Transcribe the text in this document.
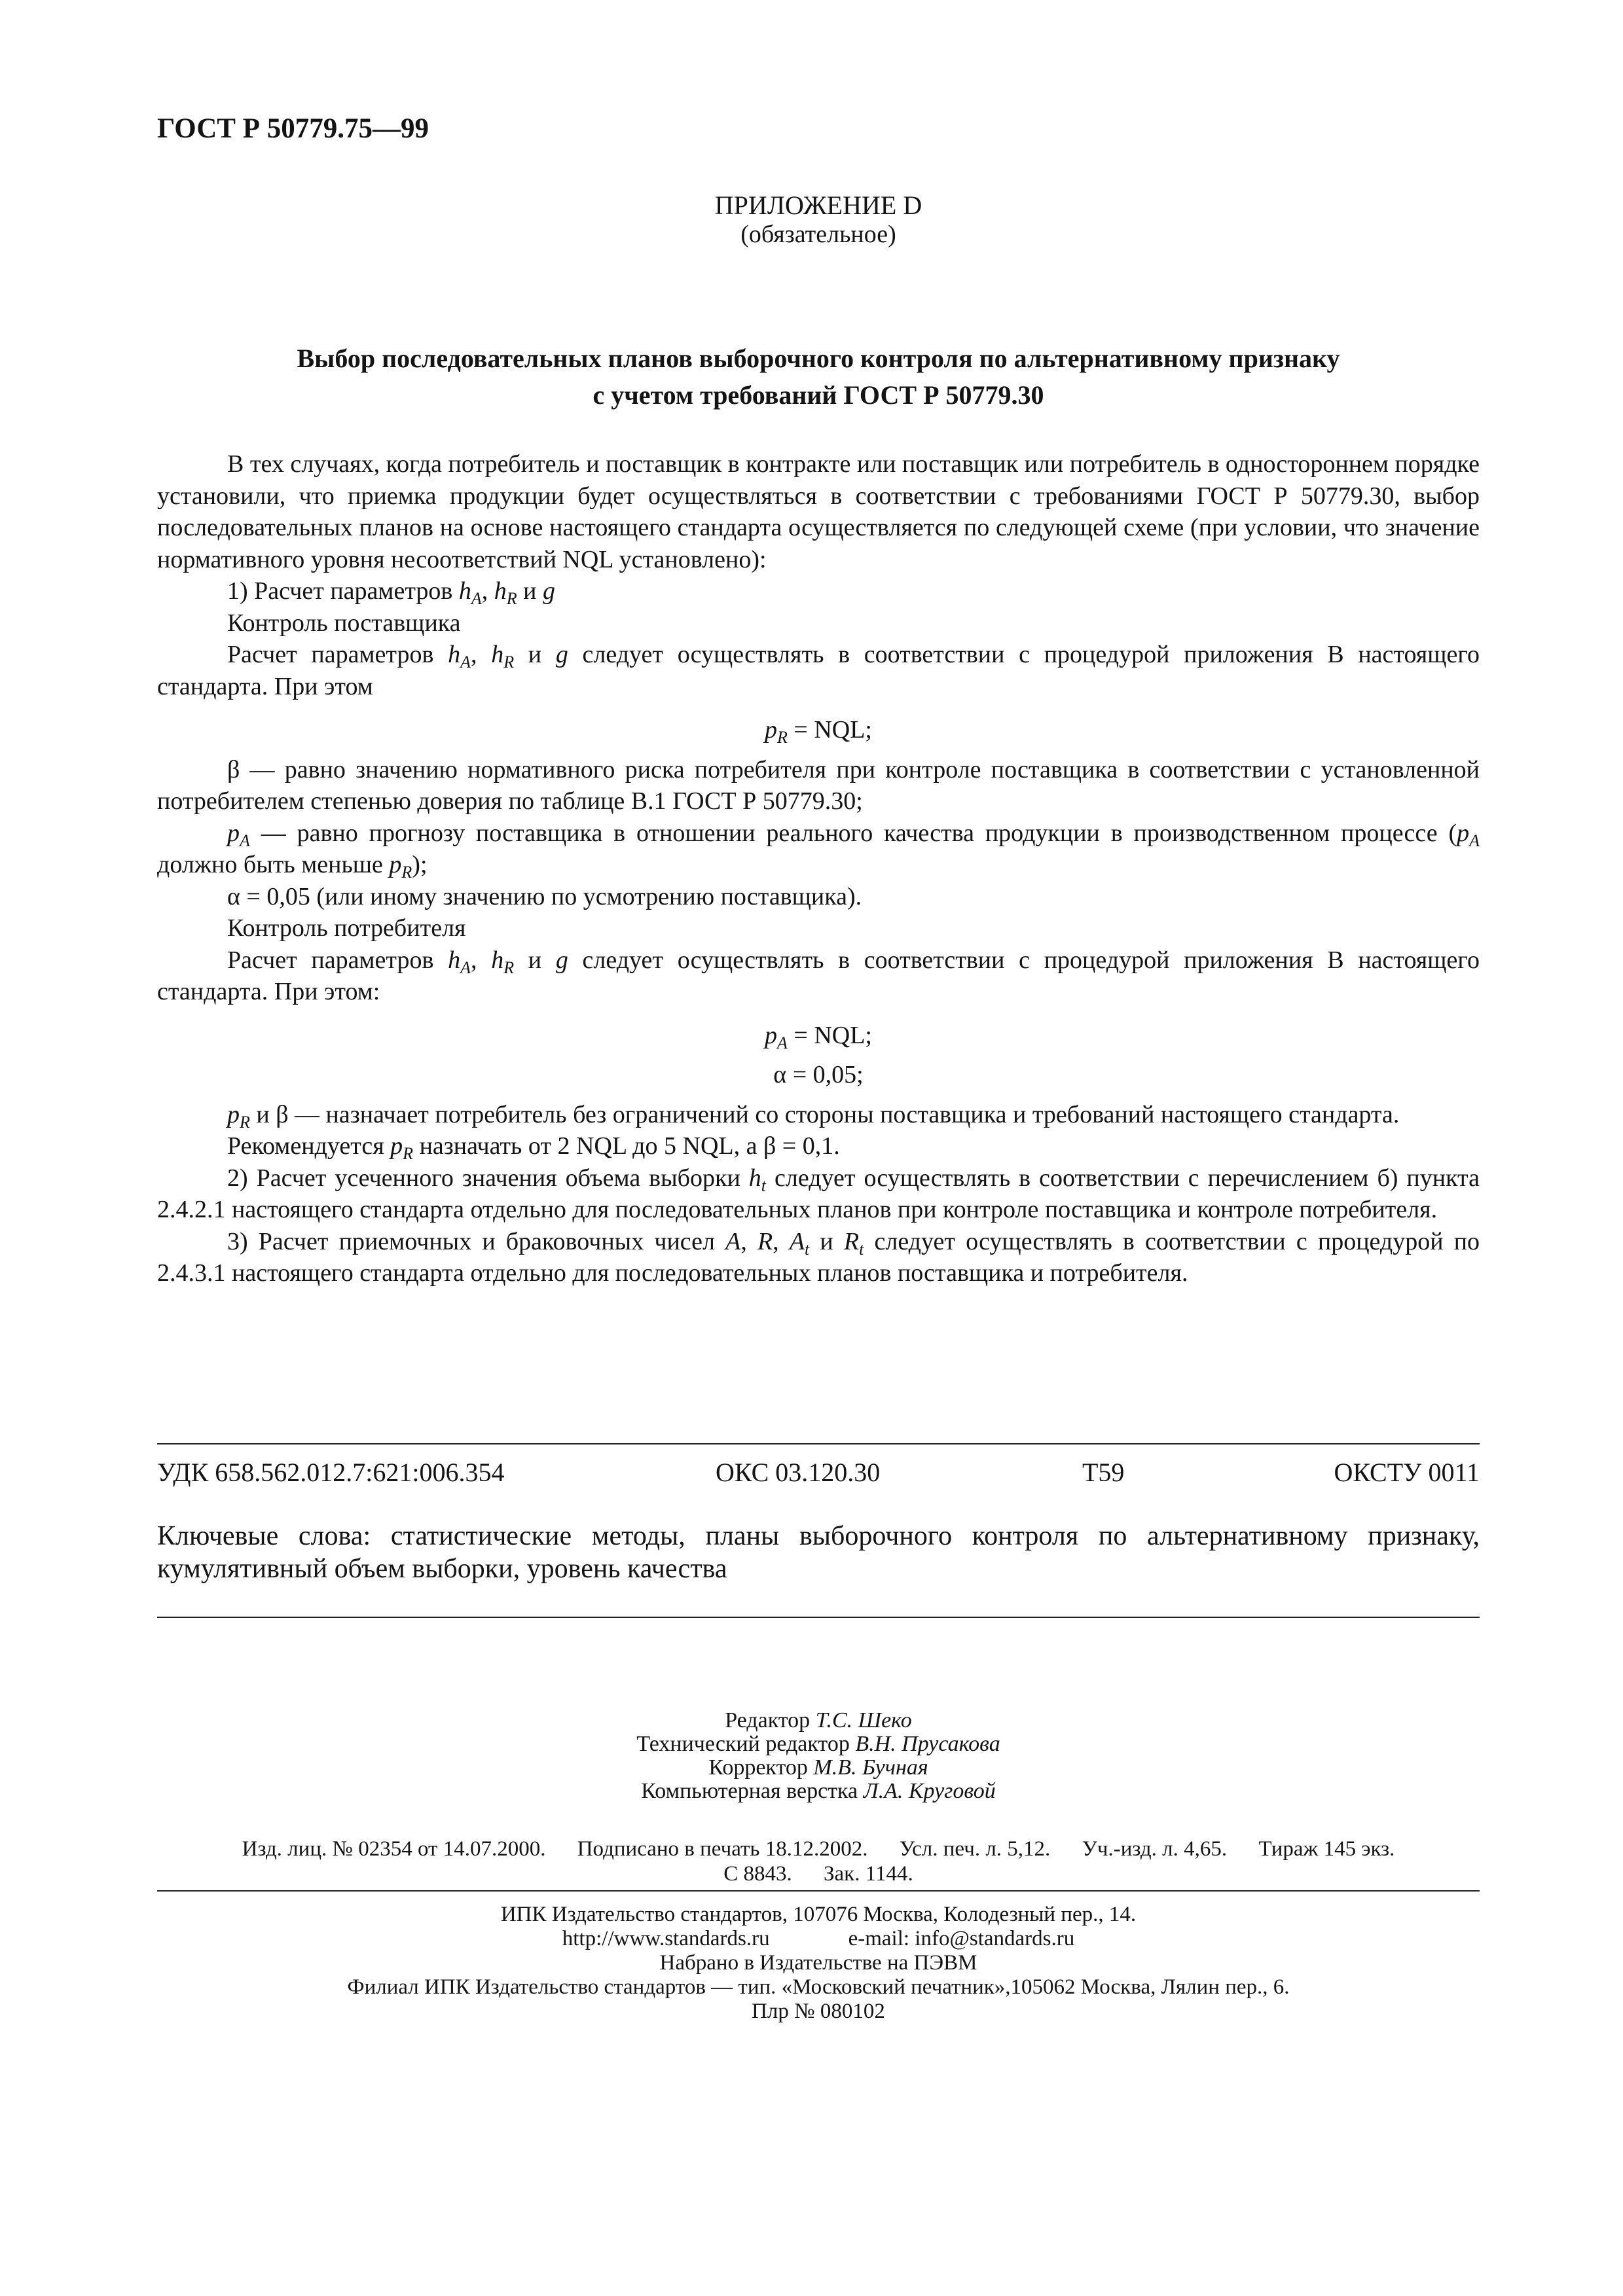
ГОСТ Р 50779.75—99
ПРИЛОЖЕНИЕ D
(обязательное)
Выбор последовательных планов выборочного контроля по альтернативному признаку
с учетом требований ГОСТ Р 50779.30

В тех случаях, когда потребитель и поставщик в контракте или поставщик или потребитель в одностороннем порядке установили, что приемка продукции будет осуществляться в соответствии с требованиями ГОСТ Р 50779.30, выбор последовательных планов на основе настоящего стандарта осуществляется по следующей схеме (при условии, что значение нормативного уровня несоответствий NQL установлено):

1) Расчет параметров $h_A$, $h_R$ и g

Контроль поставщика

Расчет параметров $h_A$, $h_R$ и g следует осуществлять в соответствии с процедурой приложения В настоящего стандарта. При этом

$p_R$ = NQL;

β — равно значению нормативного риска потребителя при контроле поставщика в соответствии с установленной потребителем степенью доверия по таблице В.1 ГОСТ Р 50779.30;

$p_A$ — равно прогнозу поставщика в отношении реального качества продукции в производственном процессе ($p_A$ должно быть меньше $p_R$);

α = 0,05 (или иному значению по усмотрению поставщика).

Контроль потребителя

Расчет параметров $h_A$, $h_R$ и g следует осуществлять в соответствии с процедурой приложения В настоящего стандарта. При этом:

$p_A$ = NQL;

α = 0,05;

$p_R$ и β — назначает потребитель без ограничений со стороны поставщика и требований настоящего стандарта.

Рекомендуется $p_R$ назначать от 2 NQL до 5 NQL, а β = 0,1.

2) Расчет усеченного значения объема выборки $h_t$ следует осуществлять в соответствии с перечислением б) пункта 2.4.2.1 настоящего стандарта отдельно для последовательных планов при контроле поставщика и контроле потребителя.

3) Расчет приемочных и браковочных чисел A, R, $A_t$ и $R_t$ следует осуществлять в соответствии с процедурой по 2.4.3.1 настоящего стандарта отдельно для последовательных планов поставщика и потребителя.

УДК 658.562.012.7:621:006.354	ОКС 03.120.30	Т59	ОКСТУ 0011
Ключевые слова: статистические методы, планы выборочного контроля по альтернативному признаку, кумулятивный объем выборки, уровень качества
Редактор Т.С. Шеко
Технический редактор В.Н. Прусакова
Корректор М.В. Бучная
Компьютерная верстка Л.А. Круговой
Изд. лиц. № 02354 от 14.07.2000. Подписано в печать 18.12.2002. Усл. печ. л. 5,12. Уч.-изд. л. 4,65. Тираж 145 экз.
С 8843. Зак. 1144.
ИПК Издательство стандартов, 107076 Москва, Колодезный пер., 14.
http://www.standards.ru	e-mail: info@standards.ru
Набрано в Издательстве на ПЭВМ
Филиал ИПК Издательство стандартов — тип. «Московский печатник»,105062 Москва, Лялин пер., 6.
Плр № 080102
